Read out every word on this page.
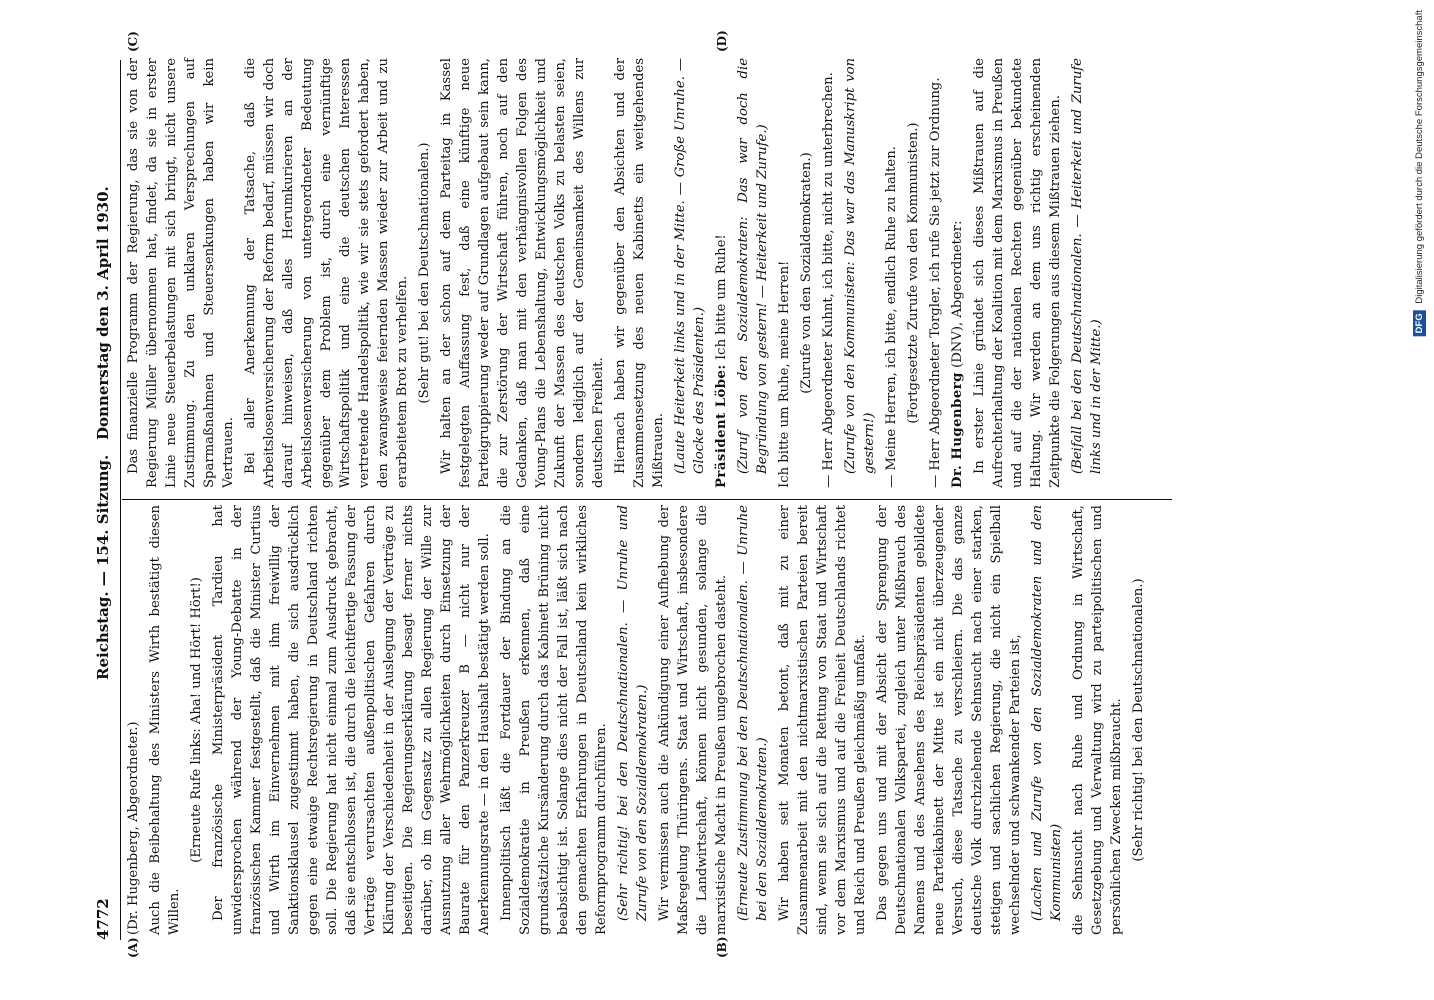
4772
Reichstag. — 154. Sitzung.
Donnerstag den 3. April 1930.
(A)	(B)
(C)	(D)

(Dr. Hugenberg, Abgeordneter.) Auch die Beibehaltung des Ministers Wirth bestätigt diesen Willen.

(Erneute Rufe links: Aha! und Hört! Hört!) Der französische Ministerpräsident Tardieu hat unwidersprochen während der Young-Debatte in der französischen Kammer festgestellt, daß die Minister Curtius und Wirth im Einvernehmen mit ihm freiwillig der Sanktionsklausel zugestimmt haben, die sich ausdrücklich gegen eine etwaige Rechtsregierung in Deutschland richten soll. Die Regierung hat nicht einmal zum Ausdruck gebracht, daß sie entschlossen ist, die durch die leichtfertige Fassung der Verträge verursachten außenpolitischen Gefahren durch Klärung der Verschiedenheit in der Auslegung der Verträge zu beseitigen. Die Regierungserklärung besagt ferner nichts darüber, ob im Gegensatz zu allen Regierung der Wille zur Ausnutzung aller Wehrmöglichkeiten durch Einsetzung der Baurate für den Panzerkreuzer B — nicht nur der Anerkennungsrate — in den Haushalt bestätigt werden soll. Innenpolitisch läßt die Fortdauer der Bindung an die Sozialdemokratie in Preußen erkennen, daß eine grundsätzliche Kursänderung durch das Kabinett Brüning nicht beabsichtigt ist. Solange dies nicht der Fall ist, läßt sich nach den gemachten Erfahrungen in Deutschland kein wirkliches Reformprogramm durchführen. (Sehr richtig! bei den Deutschnationalen. — Unruhe und Zurufe von den Sozialdemokraten.) Wir vermissen auch die Ankündigung einer Aufhebung der Maßregelung Thüringens. Staat und Wirtschaft, insbesondere die Landwirtschaft, können nicht gesunden, solange die marxistische Macht in Preußen ungebrochen dasteht. (Erneute Zustimmung bei den Deutschnationalen. — Unruhe bei den Sozialdemokraten.) Wir haben seit Monaten betont, daß mit zu einer Zusammenarbeit mit den nichtmarxistischen Parteien bereit sind, wenn sie sich auf die Rettung von Staat und Wirtschaft vor dem Marxismus und auf die Freiheit Deutschlands richtet und Reich und Preußen gleichmäßig umfaßt. Das gegen uns und mit der Absicht der Sprengung der Deutschnationalen Volkspartei, zugleich unter Mißbrauch des Namens und des Ansehens des Reichspräsidenten gebildete neue Parteikabinett der Mitte ist ein nicht überzeugender Versuch, diese Tatsache zu verschleiern. Die das ganze deutsche Volk durchziehende Sehnsucht nach einer starken, stetigen und sachlichen Regierung, die nicht ein Spielball wechselnder und schwankender Parteien ist, (Lachen und Zurufe von den Sozialdemokraten und den Kommunisten) die Sehnsucht nach Ruhe und Ordnung in Wirtschaft, Gesetzgebung und Verwaltung wird zu parteipolitischen und persönlichen Zwecken mißbraucht. (Sehr richtig! bei den Deutschnationalen.)

Das finanzielle Programm der Regierung, das sie von der Regierung Müller übernommen hat, findet, da sie in erster Linie neue Steuerbelastungen mit sich bringt, nicht unsere Zustimmung. Zu den unklaren Versprechungen auf Sparmaßnahmen und Steuersenkungen haben wir kein Vertrauen. Bei aller Anerkennung der Tatsache, daß die Arbeitslosenversicherung der Reform bedarf, müssen wir doch darauf hinweisen, daß alles Herumkurieren an der Arbeitslosenversicherung von untergeordneter Bedeutung gegenüber dem Problem ist, durch eine vernünftige Wirtschaftspolitik und eine die deutschen Interessen vertretende Handelspolitik, wie wir sie stets gefordert haben, den zwangsweise feiernden Massen wieder zur Arbeit und zu erarbeitetem Brot zu verhelfen. (Sehr gut! bei den Deutschnationalen.) Wir halten an der schon auf dem Parteitag in Kassel festgelegten Auffassung fest, daß eine künftige neue Parteigruppierung weder auf Grundlagen aufgebaut sein kann, die zur Zerstörung der Wirtschaft führen, noch auf den Gedanken, daß man mit den verhängnisvollen Folgen des Young-Plans die Lebenshaltung, Entwicklungsmöglichkeit und Zukunft der Massen des deutschen Volks zu belasten seien, sondern lediglich auf der Gemeinsamkeit des Willens zur deutschen Freiheit. Hiernach haben wir gegenüber den Absichten und der Zusammensetzung des neuen Kabinetts ein weitgehendes Mißtrauen. (Laute Heiterkeit links und in der Mitte. — Große Unruhe. — Glocke des Präsidenten.) Präsident Löbe: Ich bitte um Ruhe! (Zuruf von den Sozialdemokraten: Das war doch die Begründung von gestern! — Heiterkeit und Zurufe.) Ich bitte um Ruhe, meine Herren! (Zurufe von den Sozialdemokraten.) — Herr Abgeordneter Kuhnt, ich bitte, nicht zu unterbrechen. (Zurufe von den Kommunisten: Das war das Manuskript von gestern!) — Meine Herren, ich bitte, endlich Ruhe zu halten. (Fortgesetzte Zurufe von den Kommunisten.) — Herr Abgeordneter Torgler, ich rufe Sie jetzt zur Ordnung. Dr. Hugenberg (DNV), Abgeordneter: In erster Linie gründet sich dieses Mißtrauen auf die Aufrechterhaltung der Koalition mit dem Marxismus in Preußen und auf die der nationalen Rechten gegenüber bekundete Haltung. Wir werden an dem uns richtig erscheinenden Zeitpunkte die Folgerungen aus diesem Mißtrauen ziehen. (Beifall bei den Deutschnationalen. — Heiterkeit und Zurufe links und in der Mitte.)	DFG Digitalisierung gefördert durch die Deutsche Forschungsgemeinschaft
